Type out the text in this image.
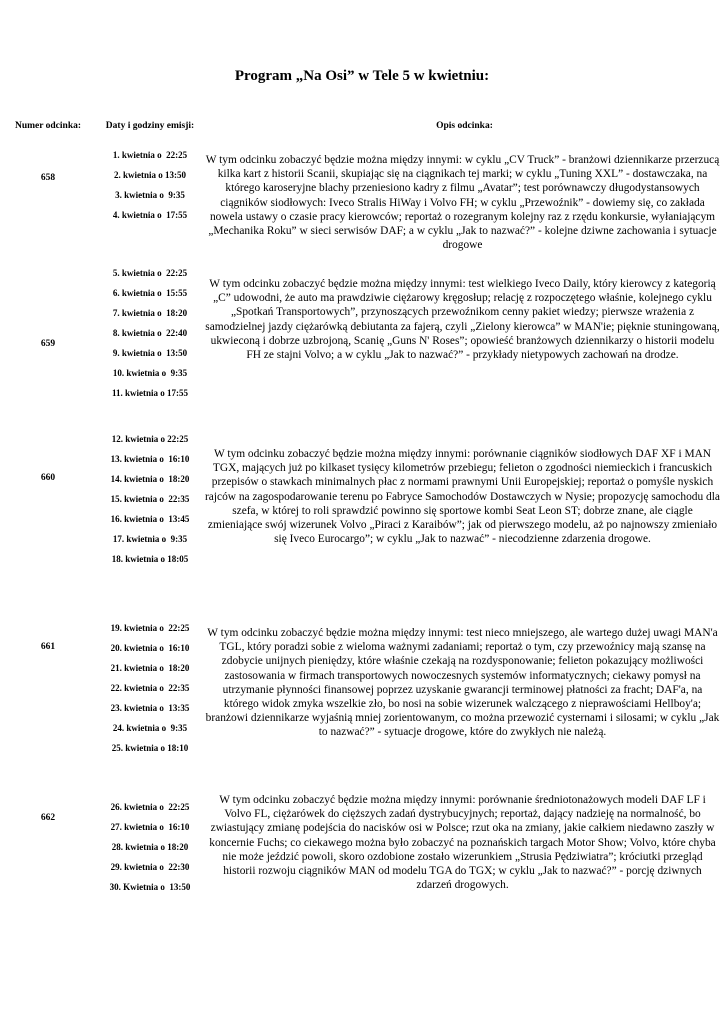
Program „Na Osi” w Tele 5 w kwietniu:
Numer odcinka:	Daty i godziny emisji:	Opis odcinka:
658
1. kwietnia o  22:25
2. kwietnia o 13:50
3. kwietnia o  9:35
4. kwietnia o  17:55
W tym odcinku zobaczyć będzie można między innymi: w cyklu „CV Truck” - branżowi dziennikarze przerzucą kilka kart z historii Scanii, skupiając się na ciągnikach tej marki; w cyklu „Tuning XXL” - dostawczaka, na którego karoseryjne blachy przeniesiono kadry z filmu „Avatar”; test porównawczy długodystansowych ciągników siodłowych: Iveco Stralis HiWay i Volvo FH; w cyklu „Przewoźnik” - dowiemy się, co zakłada nowela ustawy o czasie pracy kierowców; reportaż o rozegranym kolejny raz z rzędu konkursie, wyłaniającym „Mechanika Roku” w sieci serwisów DAF; a w cyklu „Jak to nazwać?” - kolejne dziwne zachowania i sytuacje drogowe
659
5. kwietnia o  22:25
6. kwietnia o  15:55
7. kwietnia o  18:20
8. kwietnia o  22:40
9. kwietnia o  13:50
10. kwietnia o  9:35
11. kwietnia o 17:55
W tym odcinku zobaczyć będzie można między innymi: test wielkiego Iveco Daily, który kierowcy z kategorią „C” udowodni, że auto ma prawdziwie ciężarowy kręgosłup; relację z rozpoczętego właśnie, kolejnego cyklu „Spotkań Transportowych”, przynoszących przewoźnikom cenny pakiet wiedzy; pierwsze wrażenia z samodzielnej jazdy ciężarówką debiutanta za fajerą, czyli „Zielony kierowca” w MAN'ie; pięknie stuningowaną, ukwieconą i dobrze uzbrojoną, Scanię „Guns N' Roses”; opowieść branżowych dziennikarzy o historii modelu FH ze stajni Volvo; a w cyklu „Jak to nazwać?” - przykłady nietypowych zachowań na drodze.
660
12. kwietnia o 22:25
13. kwietnia o  16:10
14. kwietnia o  18:20
15. kwietnia o  22:35
16. kwietnia o  13:45
17. kwietnia o  9:35
18. kwietnia o 18:05
W tym odcinku zobaczyć będzie można między innymi: porównanie ciągników siodłowych DAF XF i MAN TGX, mających już po kilkaset tysięcy kilometrów przebiegu; felieton o zgodności niemieckich i francuskich przepisów o stawkach minimalnych płac z normami prawnymi Unii Europejskiej; reportaż o pomyśle nyskich rajców na zagospodarowanie terenu po Fabryce Samochodów Dostawczych w Nysie; propozycję samochodu dla szefa, w której to roli sprawdzić powinno się sportowe kombi Seat Leon ST; dobrze znane, ale ciągle zmieniające swój wizerunek Volvo „Piraci z Karaibów”; jak od pierwszego modelu, aż po najnowszy zmieniało się Iveco Eurocargo”; w cyklu „Jak to nazwać” - niecodzienne zdarzenia drogowe.
661
19. kwietnia o  22:25
20. kwietnia o  16:10
21. kwietnia o  18:20
22. kwietnia o  22:35
23. kwietnia o  13:35
24. kwietnia o  9:35
25. kwietnia o 18:10
W tym odcinku zobaczyć będzie można między innymi: test nieco mniejszego, ale wartego dużej uwagi MAN'a TGL, który poradzi sobie z wieloma ważnymi zadaniami; reportaż o tym, czy przewoźnicy mają szansę na zdobycie unijnych pieniędzy, które właśnie czekają na rozdysponowanie; felieton pokazujący możliwości zastosowania w firmach transportowych nowoczesnych systemów informatycznych; ciekawy pomysł na utrzymanie płynności finansowej poprzez uzyskanie gwarancji terminowej płatności za fracht; DAF'a, na którego widok zmyka wszelkie zło, bo nosi na sobie wizerunek walczącego z nieprawościami Hellboy'a; branżowi dziennikarze wyjaśnią mniej zorientowanym, co można przewozić cysternami i silosami; w cyklu „Jak to nazwać?” - sytuacje drogowe, które do zwykłych nie należą.
662
26. kwietnia o  22:25
27. kwietnia o  16:10
28. kwietnia o 18:20
29. kwietnia o  22:30
30. Kwietnia o  13:50
W tym odcinku zobaczyć będzie można między innymi: porównanie średniotonażowych modeli DAF LF i Volvo FL, ciężarówek do cięższych zadań dystrybucyjnych; reportaż, dający nadzieję na normalność, bo zwiastujący zmianę podejścia do nacisków osi w Polsce; rzut oka na zmiany, jakie całkiem niedawno zaszły w koncernie Fuchs; co ciekawego można było zobaczyć na poznańskich targach Motor Show; Volvo, które chyba nie może jeździć powoli, skoro ozdobione zostało wizerunkiem „Strusia Pędziwiatra”; króciutki przegląd historii rozwoju ciągników MAN od modelu TGA do TGX; w cyklu „Jak to nazwać?” - porcję dziwnych zdarzeń drogowych.
